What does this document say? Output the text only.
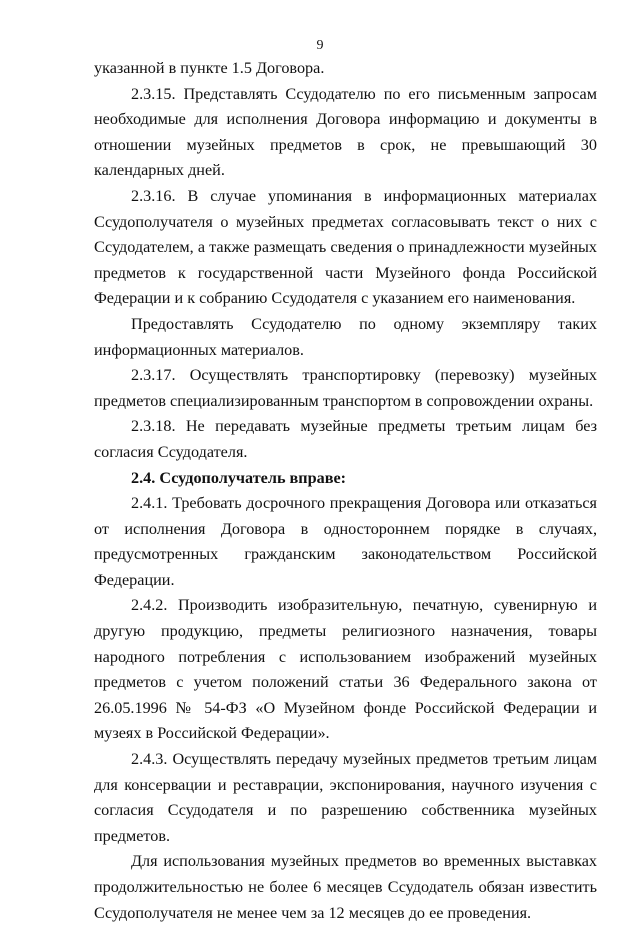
9

указанной в пункте 1.5 Договора.

2.3.15. Представлять Ссудодателю по его письменным запросам необходимые для исполнения Договора информацию и документы в отношении музейных предметов в срок, не превышающий 30 календарных дней.

2.3.16. В случае упоминания в информационных материалах Ссудополучателя о музейных предметах согласовывать текст о них с Ссудодателем, а также размещать сведения о принадлежности музейных предметов к государственной части Музейного фонда Российской Федерации и к собранию Ссудодателя с указанием его наименования.

Предоставлять Ссудодателю по одному экземпляру таких информационных материалов.

2.3.17. Осуществлять транспортировку (перевозку) музейных предметов специализированным транспортом в сопровождении охраны.

2.3.18. Не передавать музейные предметы третьим лицам без согласия Ссудодателя.

2.4. Ссудополучатель вправе:

2.4.1. Требовать досрочного прекращения Договора или отказаться от исполнения Договора в одностороннем порядке в случаях, предусмотренных гражданским законодательством Российской Федерации.

2.4.2. Производить изобразительную, печатную, сувенирную и другую продукцию, предметы религиозного назначения, товары народного потребления с использованием изображений музейных предметов с учетом положений статьи 36 Федерального закона от 26.05.1996 № 54-ФЗ «О Музейном фонде Российской Федерации и музеях в Российской Федерации».

2.4.3. Осуществлять передачу музейных предметов третьим лицам для консервации и реставрации, экспонирования, научного изучения с согласия Ссудодателя и по разрешению собственника музейных предметов.

Для использования музейных предметов во временных выставках продолжительностью не более 6 месяцев Ссудодатель обязан известить Ссудополучателя не менее чем за 12 месяцев до ее проведения.
